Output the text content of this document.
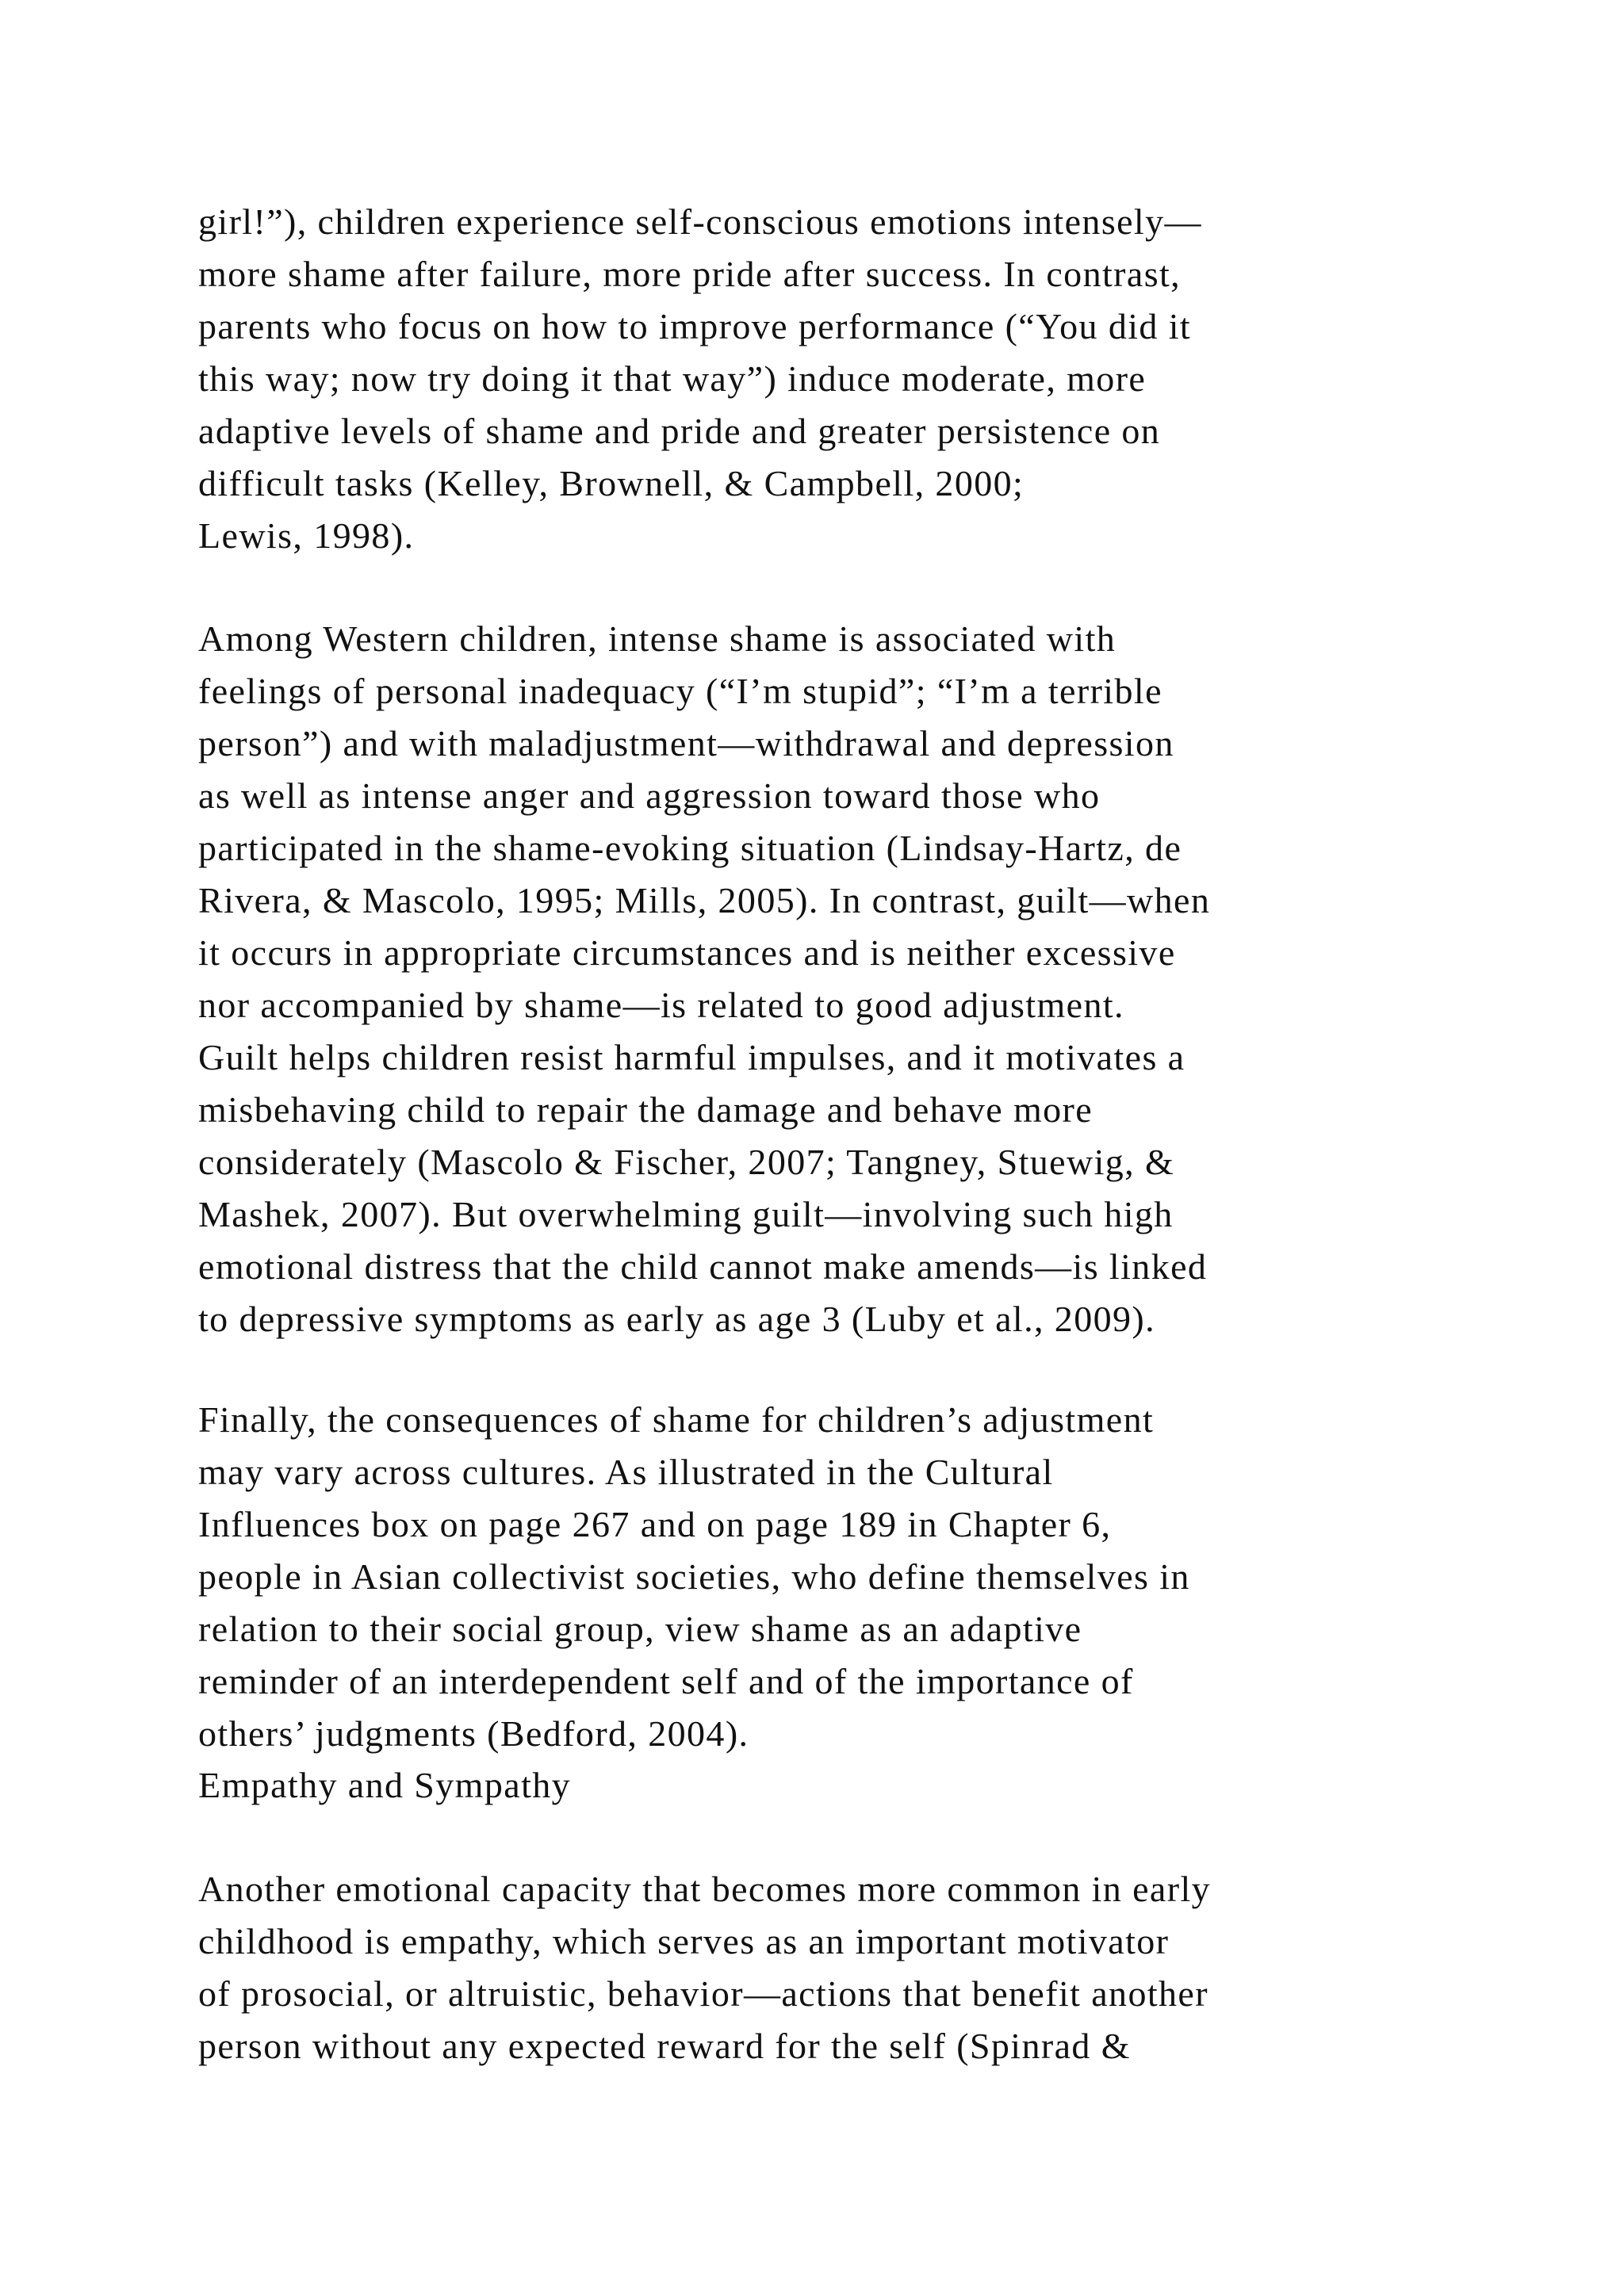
girl!”), children experience self-conscious emotions intensely—
more shame after failure, more pride after success. In contrast,
parents who focus on how to improve performance (“You did it
this way; now try doing it that way”) induce moderate, more
adaptive levels of shame and pride and greater persistence on
difficult tasks (Kelley, Brownell, & Campbell, 2000;
Lewis, 1998).
Among Western children, intense shame is associated with
feelings of personal inadequacy (“I’m stupid”; “I’m a terrible
person”) and with maladjustment—withdrawal and depression
as well as intense anger and aggression toward those who
participated in the shame-evoking situation (Lindsay-Hartz, de
Rivera, & Mascolo, 1995; Mills, 2005). In contrast, guilt—when
it occurs in appropriate circumstances and is neither excessive
nor accompanied by shame—is related to good adjustment.
Guilt helps children resist harmful impulses, and it motivates a
misbehaving child to repair the damage and behave more
considerately (Mascolo & Fischer, 2007; Tangney, Stuewig, &
Mashek, 2007). But overwhelming guilt—involving such high
emotional distress that the child cannot make amends—is linked
to depressive symptoms as early as age 3 (Luby et al., 2009).
Finally, the consequences of shame for children’s adjustment
may vary across cultures. As illustrated in the Cultural
Influences box on page 267 and on page 189 in Chapter 6,
people in Asian collectivist societies, who define themselves in
relation to their social group, view shame as an adaptive
reminder of an interdependent self and of the importance of
others’ judgments (Bedford, 2004).
Empathy and Sympathy
Another emotional capacity that becomes more common in early
childhood is empathy, which serves as an important motivator
of prosocial, or altruistic, behavior—actions that benefit another
person without any expected reward for the self (Spinrad &
